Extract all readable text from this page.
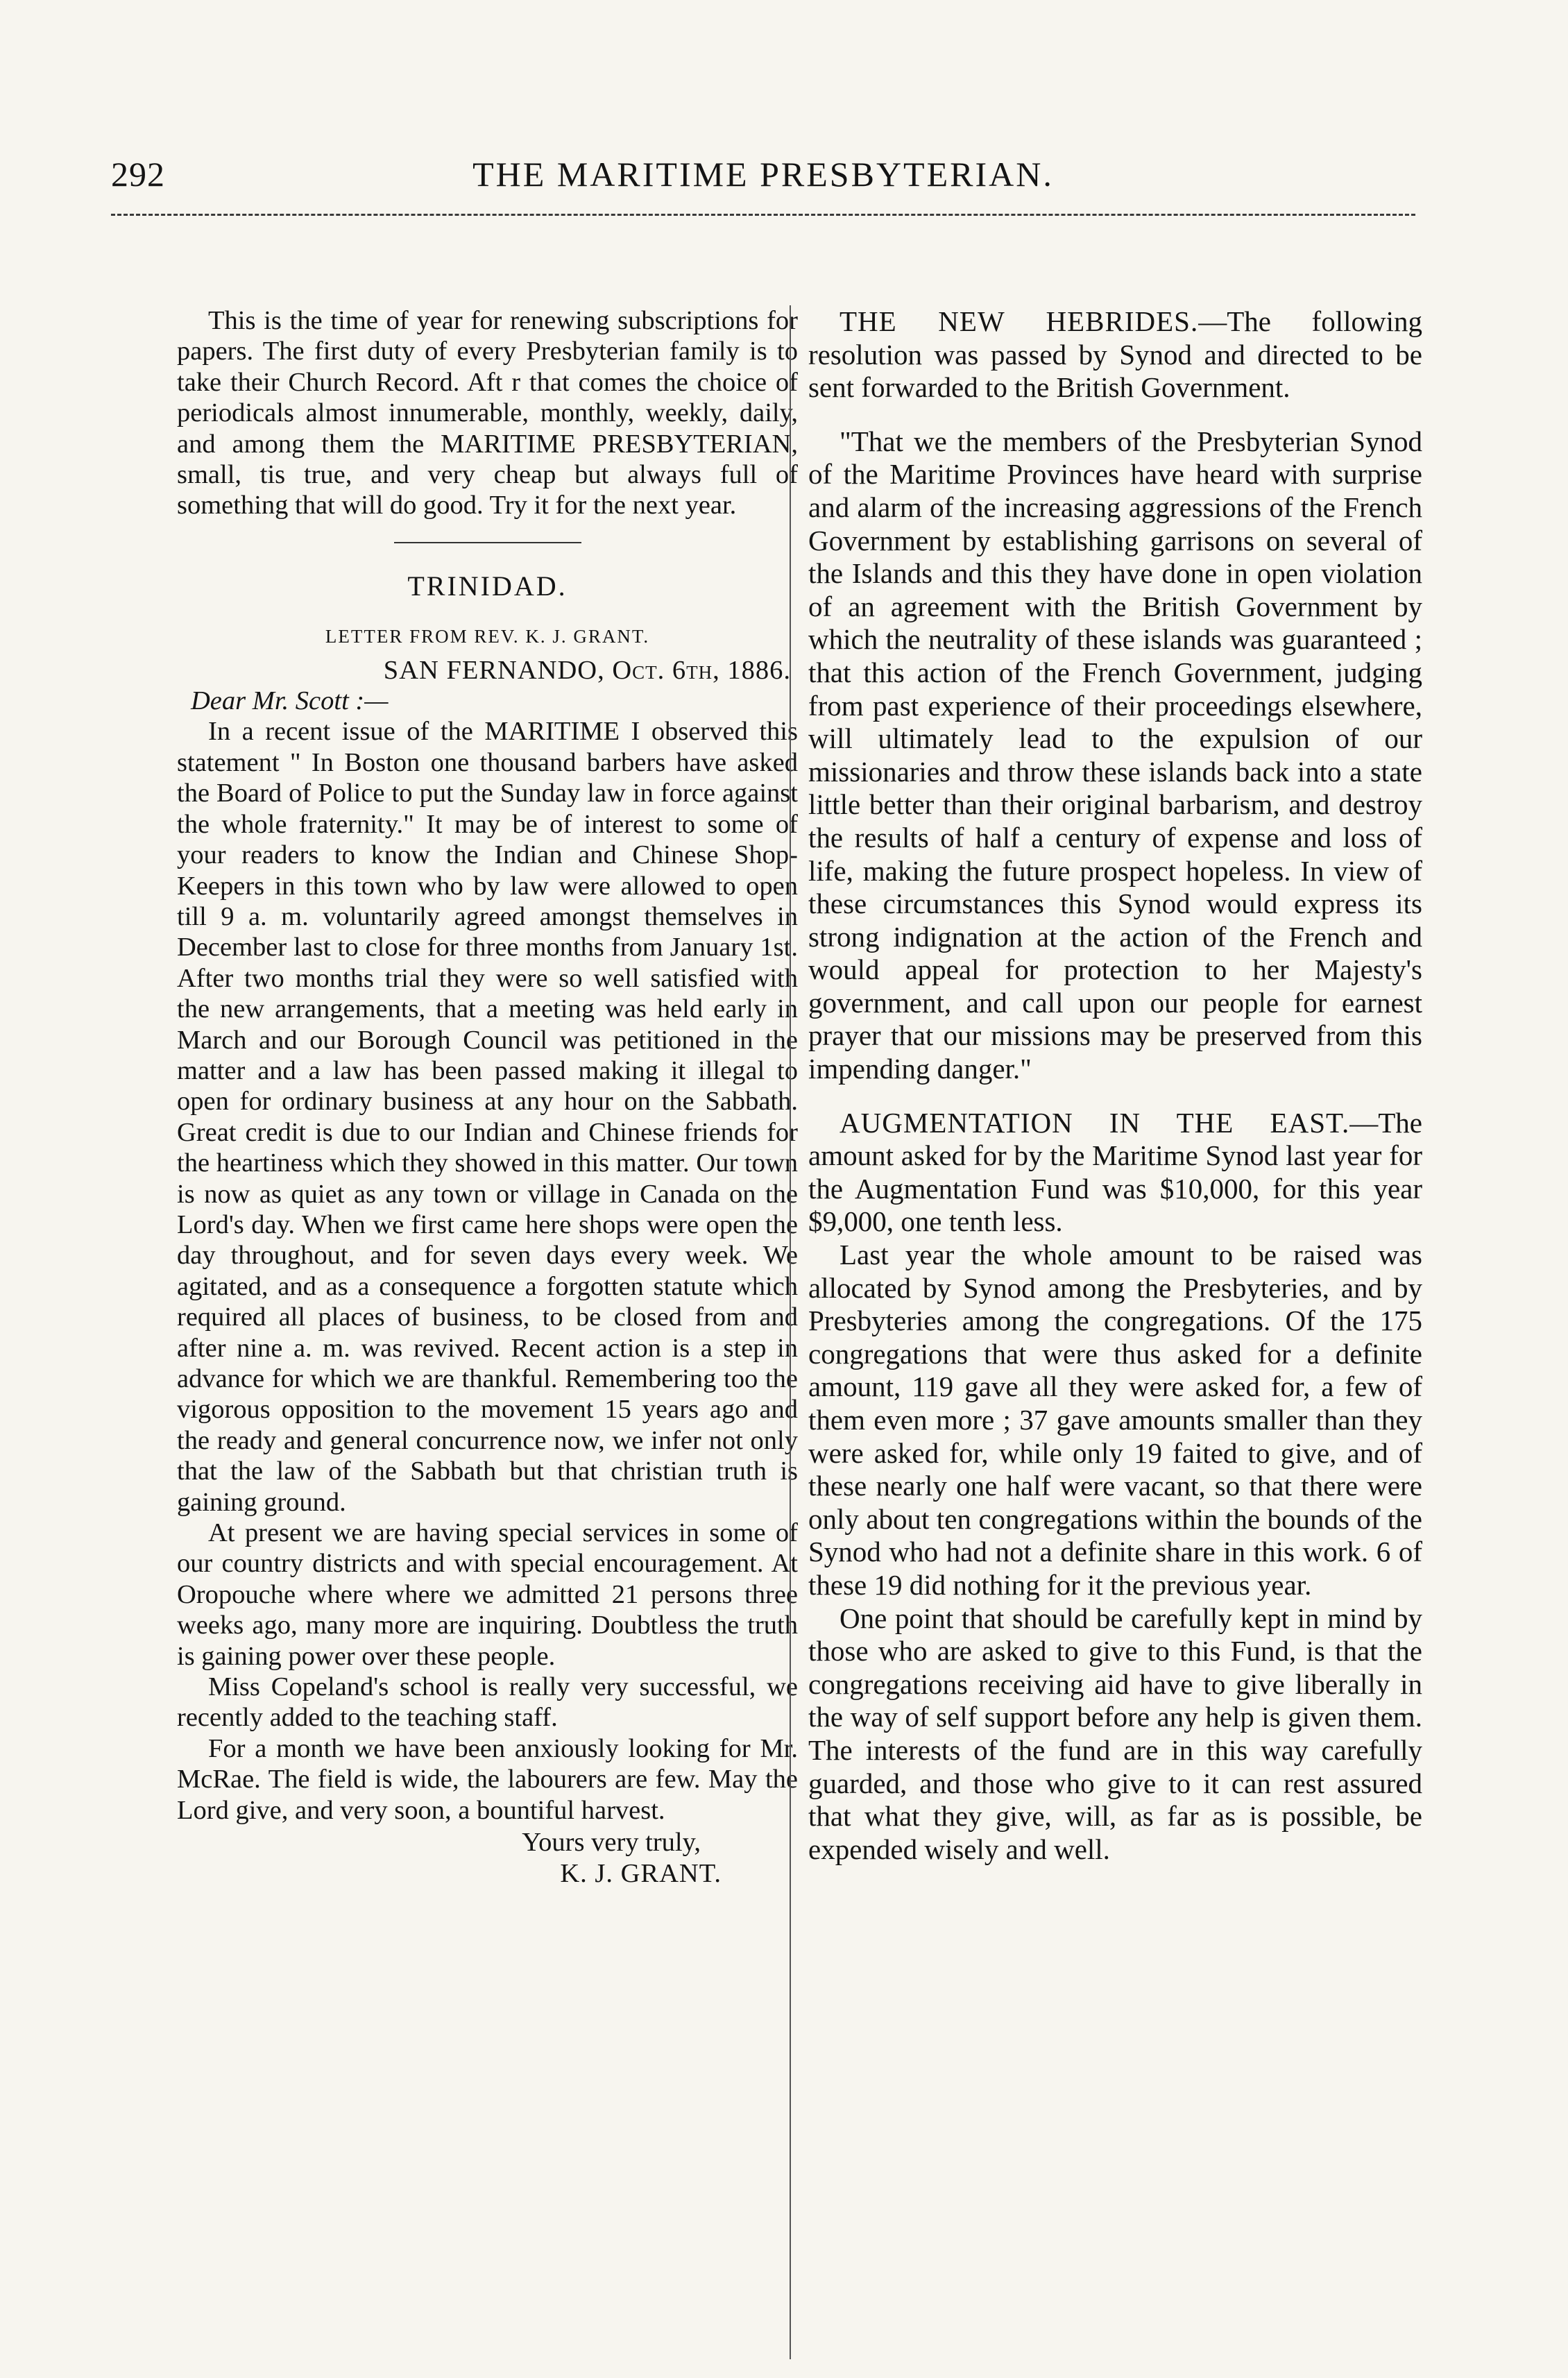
292	THE MARITIME PRESBYTERIAN.

This is the time of year for renewing subscriptions for papers. The first duty of every Presbyterian family is to take their Church Record. Aft r that comes the choice of periodicals almost innumerable, monthly, weekly, daily, and among them the MARITIME PRESBYTERIAN, small, tis true, and very cheap but always full of something that will do good. Try it for the next year.

TRINIDAD.
LETTER FROM REV. K. J. GRANT.
SAN FERNANDO, Oct. 6th, 1886.
Dear Mr. Scott :—

In a recent issue of the MARITIME I observed this statement " In Boston one thousand barbers have asked the Board of Police to put the Sunday law in force against the whole fraternity." It may be of interest to some of your readers to know the Indian and Chinese Shop-Keepers in this town who by law were allowed to open till 9 a. m. voluntarily agreed amongst themselves in December last to close for three months from January 1st. After two months trial they were so well satisfied with the new arrangements, that a meeting was held early in March and our Borough Council was petitioned in the matter and a law has been passed making it illegal to open for ordinary business at any hour on the Sabbath. Great credit is due to our Indian and Chinese friends for the heartiness which they showed in this matter. Our town is now as quiet as any town or village in Canada on the Lord's day. When we first came here shops were open the day throughout, and for seven days every week. We agitated, and as a consequence a forgotten statute which required all places of business, to be closed from and after nine a. m. was revived. Recent action is a step in advance for which we are thankful. Remembering too the vigorous opposition to the movement 15 years ago and the ready and general concurrence now, we infer not only that the law of the Sabbath but that christian truth is gaining ground.

At present we are having special services in some of our country districts and with special encouragement. At Oropouche where where we admitted 21 persons three weeks ago, many more are inquiring. Doubtless the truth is gaining power over these people.

Miss Copeland's school is really very successful, we recently added to the teaching staff.

For a month we have been anxiously looking for Mr. McRae. The field is wide, the labourers are few. May the Lord give, and very soon, a bountiful harvest.

Yours very truly,
K. J. GRANT.

THE NEW HEBRIDES.—The following resolution was passed by Synod and directed to be sent forwarded to the British Government.

"That we the members of the Presbyterian Synod of the Maritime Provinces have heard with surprise and alarm of the increasing aggressions of the French Government by establishing garrisons on several of the Islands and this they have done in open violation of an agreement with the British Government by which the neutrality of these islands was guaranteed ; that this action of the French Government, judging from past experience of their proceedings elsewhere, will ultimately lead to the expulsion of our missionaries and throw these islands back into a state little better than their original barbarism, and destroy the results of half a century of expense and loss of life, making the future prospect hopeless. In view of these circumstances this Synod would express its strong indignation at the action of the French and would appeal for protection to her Majesty's government, and call upon our people for earnest prayer that our missions may be preserved from this impending danger."

AUGMENTATION IN THE EAST.—The amount asked for by the Maritime Synod last year for the Augmentation Fund was $10,000, for this year $9,000, one tenth less.

Last year the whole amount to be raised was allocated by Synod among the Presbyteries, and by Presbyteries among the congregations. Of the 175 congregations that were thus asked for a definite amount, 119 gave all they were asked for, a few of them even more ; 37 gave amounts smaller than they were asked for, while only 19 faited to give, and of these nearly one half were vacant, so that there were only about ten congregations within the bounds of the Synod who had not a definite share in this work. 6 of these 19 did nothing for it the previous year.

One point that should be carefully kept in mind by those who are asked to give to this Fund, is that the congregations receiving aid have to give liberally in the way of self support before any help is given them. The interests of the fund are in this way carefully guarded, and those who give to it can rest assured that what they give, will, as far as is possible, be expended wisely and well.
